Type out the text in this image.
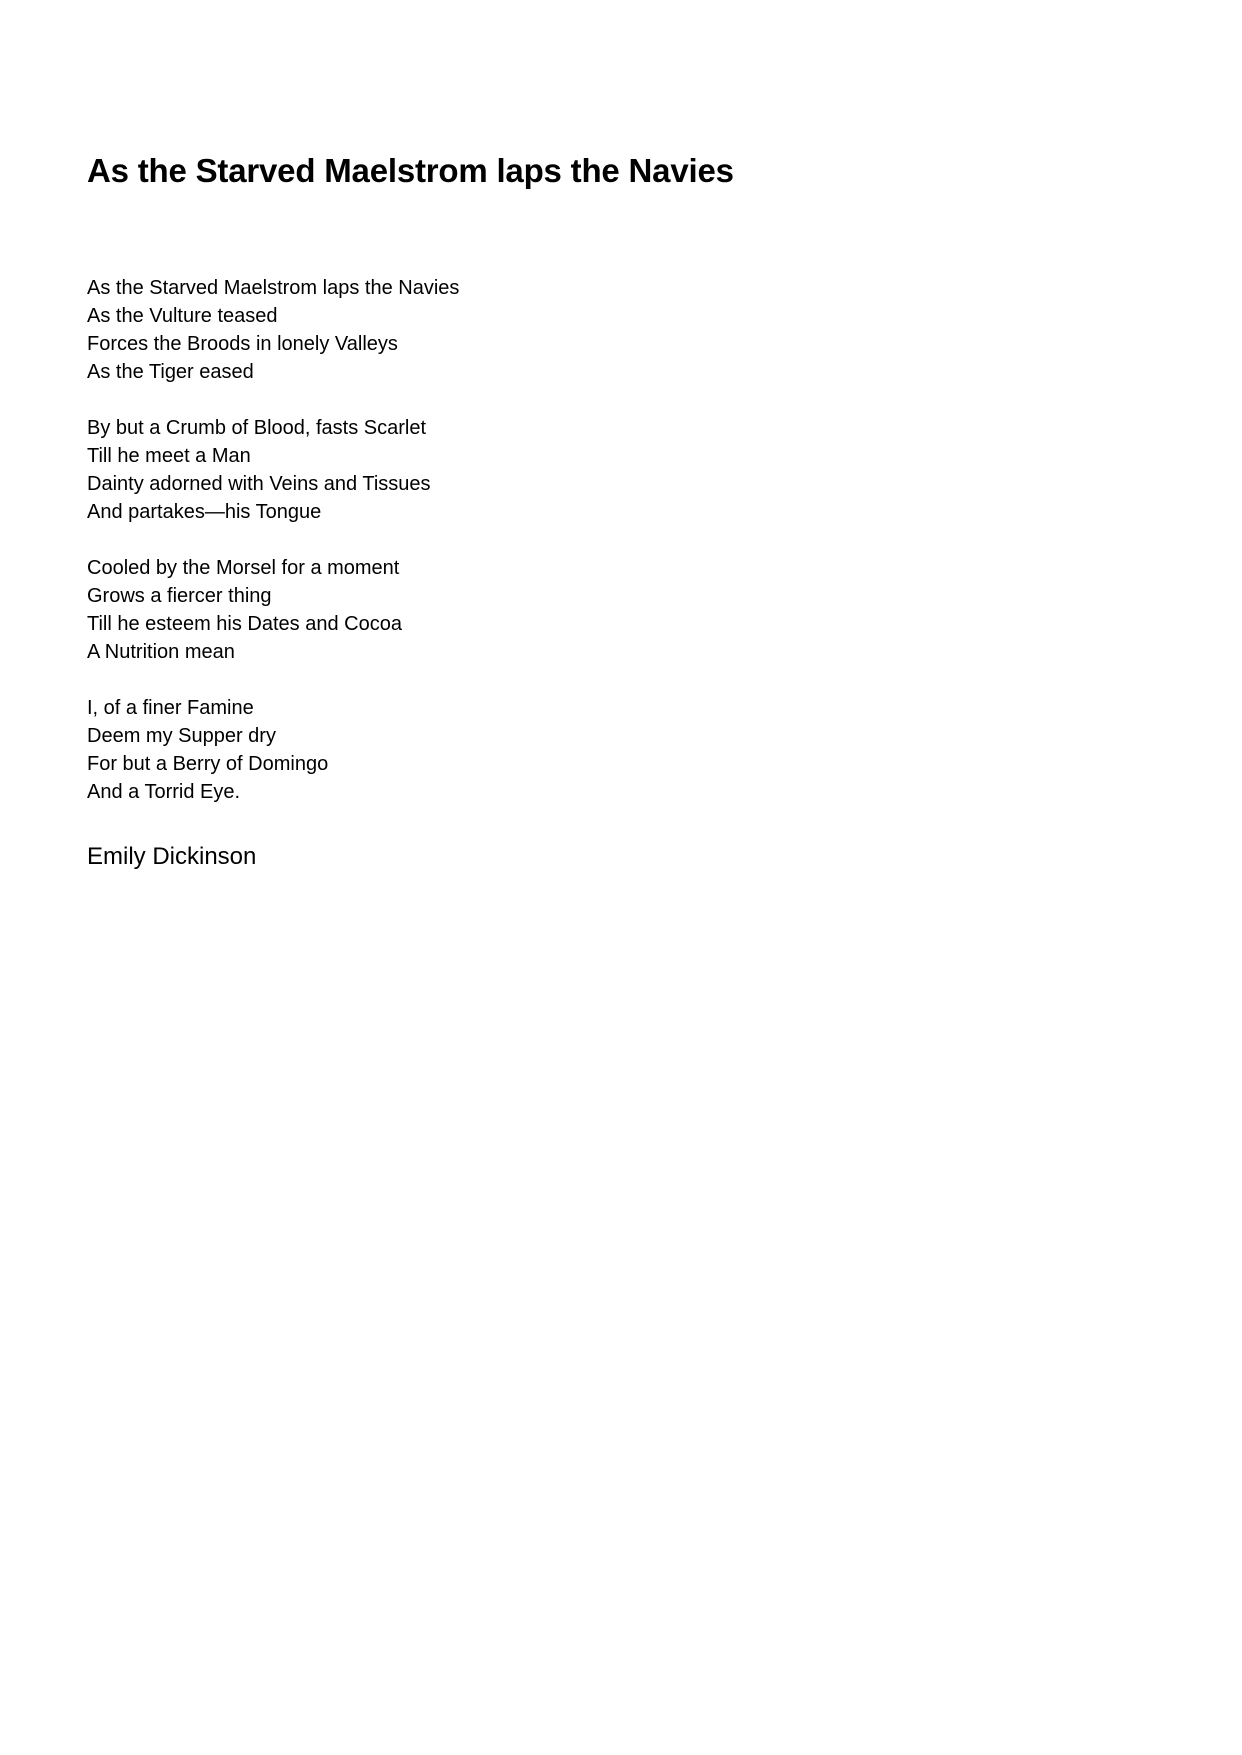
As the Starved Maelstrom laps the Navies
As the Starved Maelstrom laps the Navies
As the Vulture teased
Forces the Broods in lonely Valleys
As the Tiger eased
By but a Crumb of Blood, fasts Scarlet
Till he meet a Man
Dainty adorned with Veins and Tissues
And partakes—his Tongue
Cooled by the Morsel for a moment
Grows a fiercer thing
Till he esteem his Dates and Cocoa
A Nutrition mean
I, of a finer Famine
Deem my Supper dry
For but a Berry of Domingo
And a Torrid Eye.

Emily Dickinson
